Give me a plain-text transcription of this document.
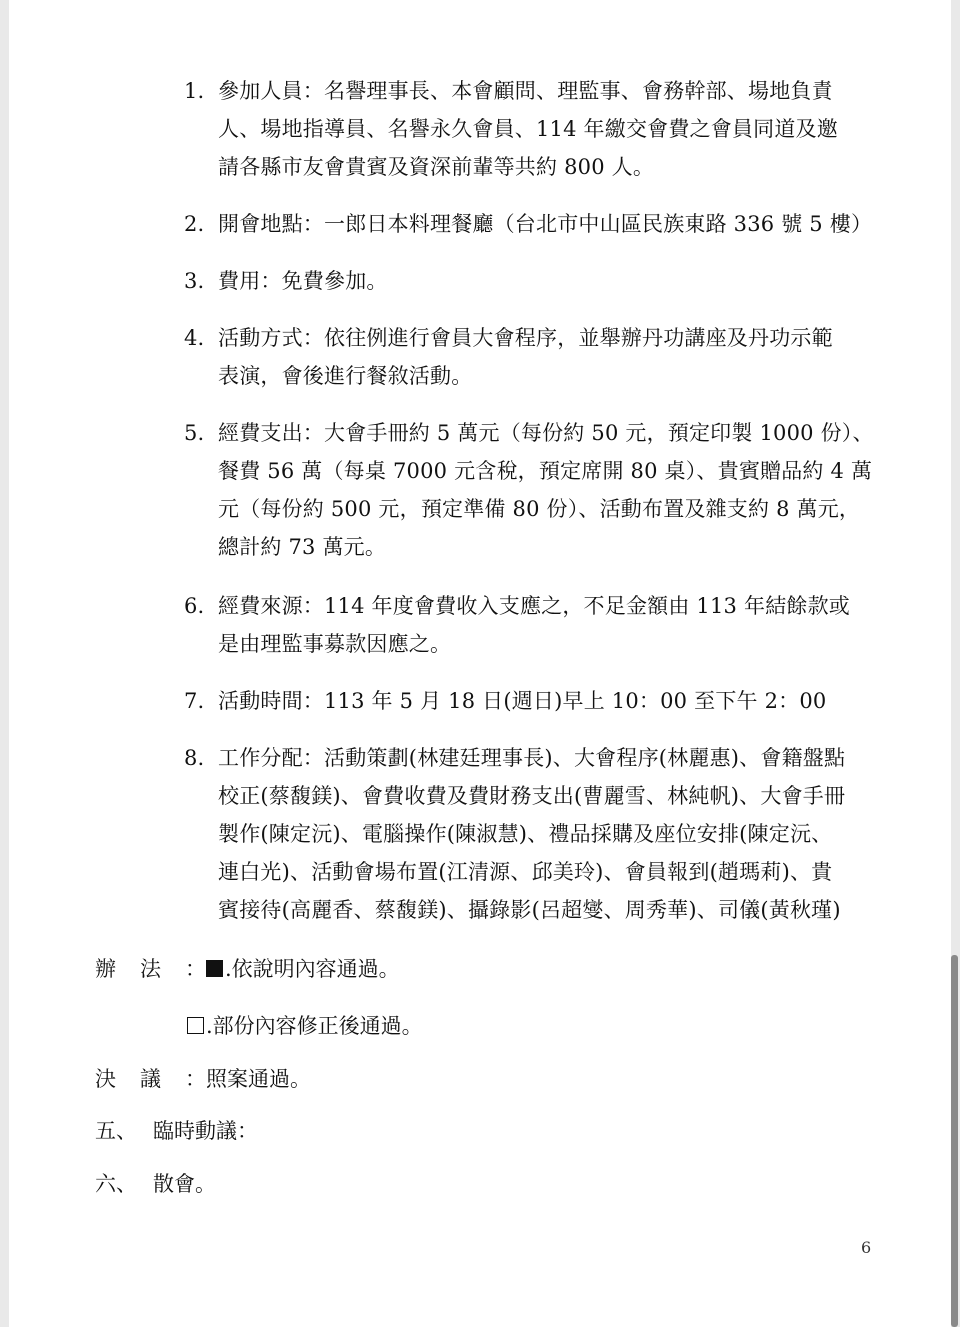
1. 參加人員：名譽理事長、本會顧問、理監事、會務幹部、場地負責
人、場地指導員、名譽永久會員、114 年繳交會費之會員同道及邀
請各縣市友會貴賓及資深前輩等共約 800 人。
2. 開會地點：一郎日本料理餐廳（台北市中山區民族東路 336 號 5 樓）
3. 費用：免費參加。
4. 活動方式：依往例進行會員大會程序，並舉辦丹功講座及丹功示範
表演，會後進行餐敘活動。
5. 經費支出：大會手冊約 5 萬元（每份約 50 元，預定印製 1000 份）、
餐費 56 萬（每桌 7000 元含稅，預定席開 80 桌）、貴賓贈品約 4 萬
元（每份約 500 元，預定準備 80 份）、活動布置及雜支約 8 萬元，
總計約 73 萬元。
6. 經費來源：114 年度會費收入支應之，不足金額由 113 年結餘款或
是由理監事募款因應之。
7. 活動時間：113 年 5 月 18 日(週日)早上 10：00 至下午 2：00
8. 工作分配：活動策劃(林建廷理事長)、大會程序(林麗惠)、會籍盤點
校正(蔡馥鎂)、會費收費及費財務支出(曹麗雪、林純帆)、大會手冊
製作(陳定沅)、電腦操作(陳淑慧)、禮品採購及座位安排(陳定沅、
連白光)、活動會場布置(江清源、邱美玲)、會員報到(趙瑪莉)、貴
賓接待(高麗香、蔡馥鎂)、攝錄影(呂超燮、周秀華)、司儀(黃秋瑾)
辦法： .依說明內容通過。
.部份內容修正後通過。
決議：照案通過。
五、 臨時動議：
六、 散會。
6
